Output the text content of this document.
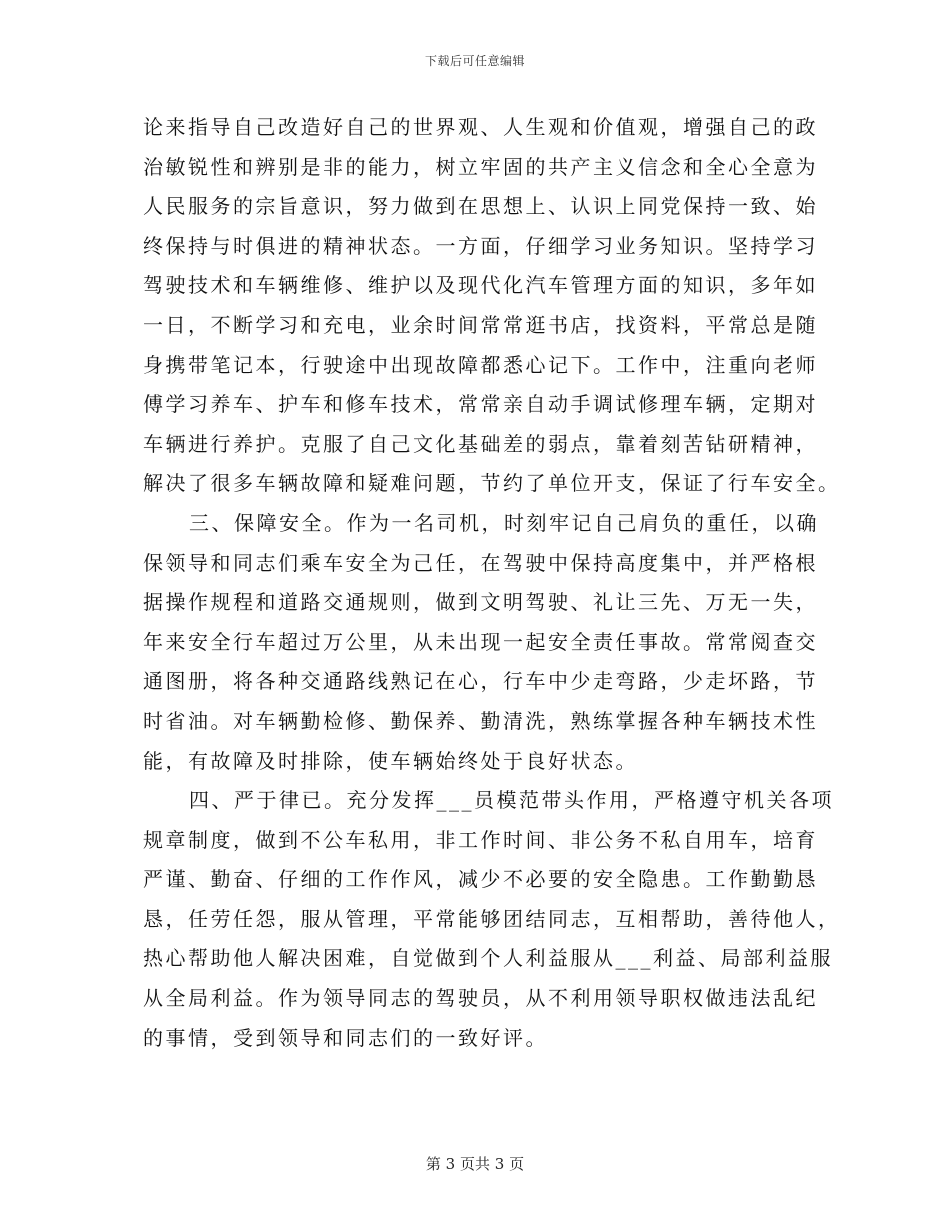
下载后可任意编辑
论来指导自己改造好自己的世界观、人生观和价值观，增强自己的政
治敏锐性和辨别是非的能力，树立牢固的共产主义信念和全心全意为
人民服务的宗旨意识，努力做到在思想上、认识上同党保持一致、始
终保持与时俱进的精神状态。一方面，仔细学习业务知识。坚持学习
驾驶技术和车辆维修、维护以及现代化汽车管理方面的知识，多年如
一日，不断学习和充电，业余时间常常逛书店，找资料，平常总是随
身携带笔记本，行驶途中出现故障都悉心记下。工作中，注重向老师
傅学习养车、护车和修车技术，常常亲自动手调试修理车辆，定期对
车辆进行养护。克服了自己文化基础差的弱点，靠着刻苦钻研精神，
解决了很多车辆故障和疑难问题，节约了单位开支，保证了行车安全。
三、保障安全。作为一名司机，时刻牢记自己肩负的重任，以确
保领导和同志们乘车安全为己任，在驾驶中保持高度集中，并严格根
据操作规程和道路交通规则，做到文明驾驶、礼让三先、万无一失，
年来安全行车超过万公里，从未出现一起安全责任事故。常常阅查交
通图册，将各种交通路线熟记在心，行车中少走弯路，少走坏路，节
时省油。对车辆勤检修、勤保养、勤清洗，熟练掌握各种车辆技术性
能，有故障及时排除，使车辆始终处于良好状态。
四、严于律已。充分发挥___员模范带头作用，严格遵守机关各项
规章制度，做到不公车私用，非工作时间、非公务不私自用车，培育
严谨、勤奋、仔细的工作作风，减少不必要的安全隐患。工作勤勤恳
恳，任劳任怨，服从管理，平常能够团结同志，互相帮助，善待他人，
热心帮助他人解决困难，自觉做到个人利益服从___利益、局部利益服
从全局利益。作为领导同志的驾驶员，从不利用领导职权做违法乱纪
的事情，受到领导和同志们的一致好评。
第 3 页共 3 页
